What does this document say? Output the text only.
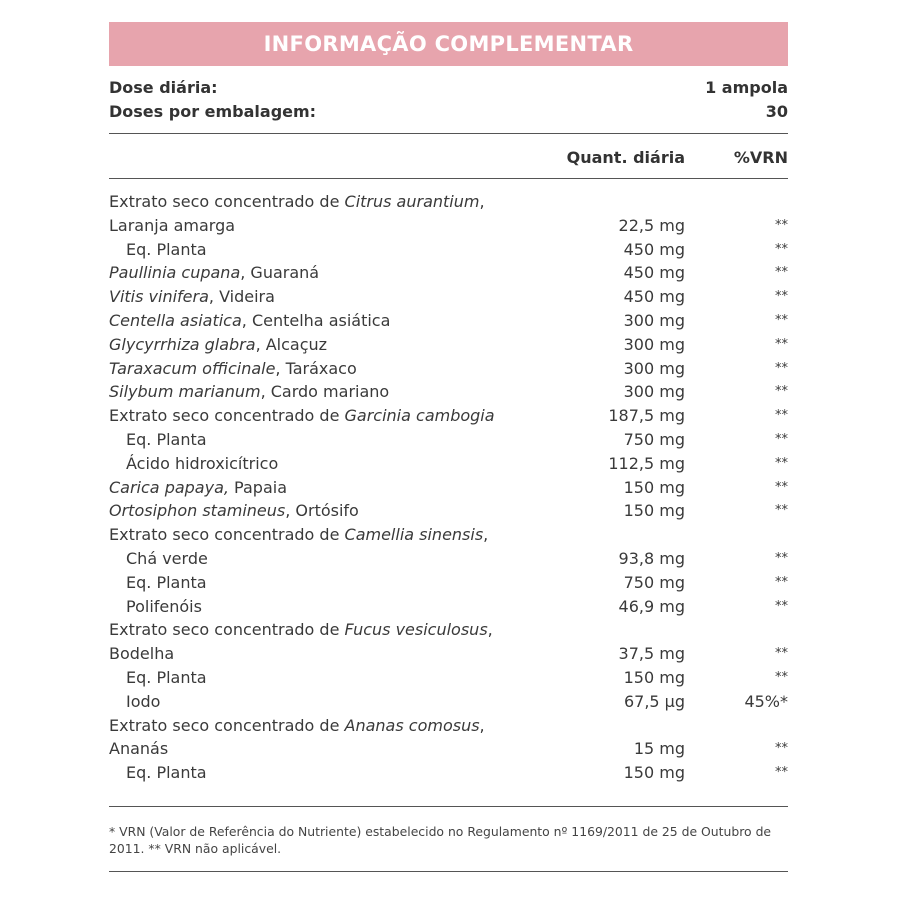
INFORMAÇÃO COMPLEMENTAR
Dose diária:	1 ampola
Doses por embalagem:	30
Quant. diária	%VRN
Extrato seco concentrado de Citrus aurantium,
Laranja amarga	22,5 mg	**
Eq. Planta	450 mg	**
Paullinia cupana, Guaraná	450 mg	**
Vitis vinifera, Videira	450 mg	**
Centella asiatica, Centelha asiática	300 mg	**
Glycyrrhiza glabra, Alcaçuz	300 mg	**
Taraxacum officinale, Taráxaco	300 mg	**
Silybum marianum, Cardo mariano	300 mg	**
Extrato seco concentrado de Garcinia cambogia	187,5 mg	**
Eq. Planta	750 mg	**
Ácido hidroxicítrico	112,5 mg	**
Carica papaya, Papaia	150 mg	**
Ortosiphon stamineus, Ortósifo	150 mg	**
Extrato seco concentrado de Camellia sinensis,
Chá verde	93,8 mg	**
Eq. Planta	750 mg	**
Polifenóis	46,9 mg	**
Extrato seco concentrado de Fucus vesiculosus,
Bodelha	37,5 mg	**
Eq. Planta	150 mg	**
Iodo	67,5 µg	45%*
Extrato seco concentrado de Ananas comosus,
Ananás	15 mg	**
Eq. Planta	150 mg	**
* VRN (Valor de Referência do Nutriente) estabelecido no Regulamento nº 1169/2011 de 25 de Outubro de 2011. ** VRN não aplicável.
